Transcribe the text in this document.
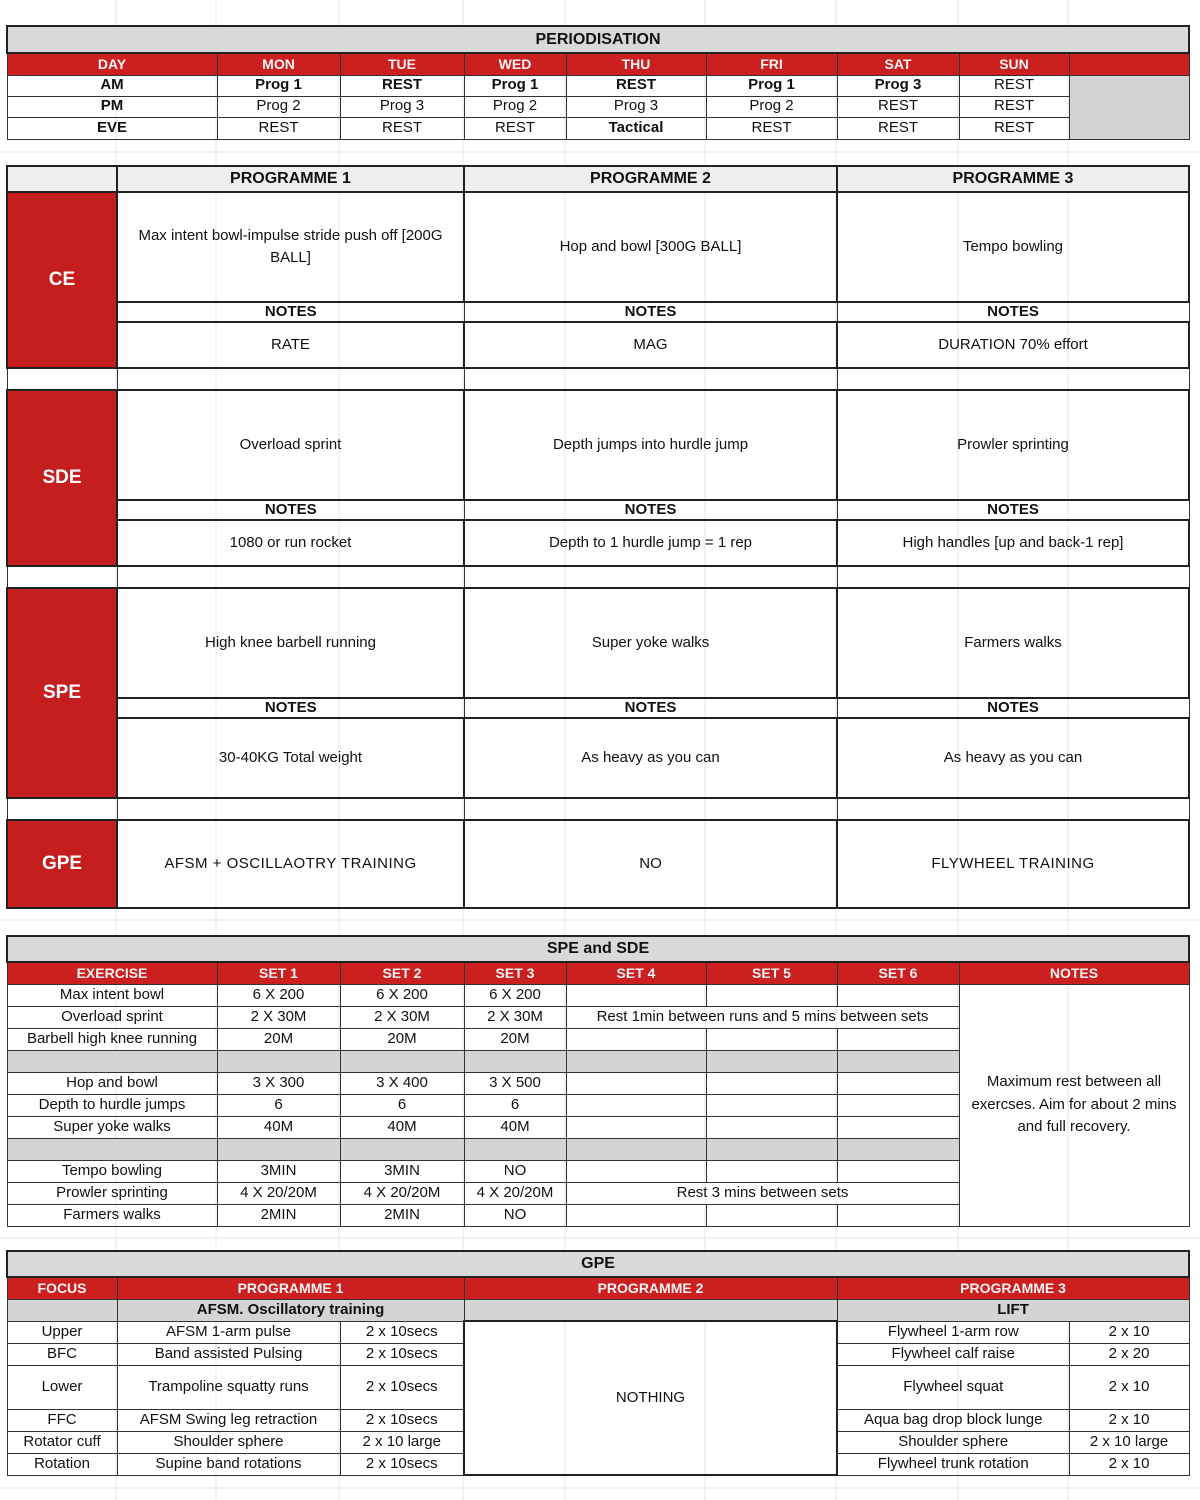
PERIODISATION								
DAY	MON	TUE	WED	THU	FRI	SAT	SUN	
AM	Prog 1	REST	Prog 1	REST	Prog 1	Prog 3	REST	
PM	Prog 2	Prog 3	Prog 2	Prog 3	Prog 2	REST	REST	
EVE	REST	REST	REST	Tactical	REST	REST	REST	
	PROGRAMME 1	PROGRAMME 2	PROGRAMME 3
CE	Max intent bowl-impulse stride push off [200G BALL]	Hop and bowl [300G BALL]	Tempo bowling
	NOTES	NOTES	NOTES
	RATE	MAG	DURATION 70% effort

SDE	Overload sprint	Depth jumps into hurdle jump	Prowler sprinting
	NOTES	NOTES	NOTES
	1080 or run rocket	Depth to 1 hurdle jump = 1 rep	High handles [up and back-1 rep]

SPE	High knee barbell running	Super yoke walks	Farmers walks
	NOTES	NOTES	NOTES
	30-40KG Total weight	As heavy as you can	As heavy as you can

GPE	AFSM + OSCILLAOTRY TRAINING	NO	FLYWHEEL TRAINING
SPE and SDE							
EXERCISE	SET 1	SET 2	SET 3	SET 4	SET 5	SET 6	NOTES
Max intent bowl	6 X 200	6 X 200	6 X 200				Maximum rest between all exercses. Aim for about 2 mins and full recovery.
Overload sprint	2 X 30M	2 X 30M	2 X 30M	Rest 1min between runs and 5 mins between sets			
Barbell high knee running	20M	20M	20M				

Hop and bowl	3 X 300	3 X 400	3 X 500				
Depth to hurdle jumps	6	6	6				
Super yoke walks	40M	40M	40M				

Tempo bowling	3MIN	3MIN	NO				
Prowler sprinting	4 X 20/20M	4 X 20/20M	4 X 20/20M	Rest 3 mins between sets			
Farmers walks	2MIN	2MIN	NO				
GPE					
FOCUS	PROGRAMME 1		PROGRAMME 2	PROGRAMME 3	
	AFSM. Oscillatory training			LIFT	
Upper	AFSM 1-arm pulse	2 x 10secs	NOTHING	Flywheel 1-arm row	2 x 10
BFC	Band assisted Pulsing	2 x 10secs		Flywheel calf raise	2 x 20
Lower	Trampoline squatty runs	2 x 10secs		Flywheel squat	2 x 10
FFC	AFSM Swing leg retraction	2 x 10secs		Aqua bag drop block lunge	2 x 10
Rotator cuff	Shoulder sphere	2 x 10 large		Shoulder sphere	2 x 10 large
Rotation	Supine band rotations	2 x 10secs		Flywheel trunk rotation	2 x 10
